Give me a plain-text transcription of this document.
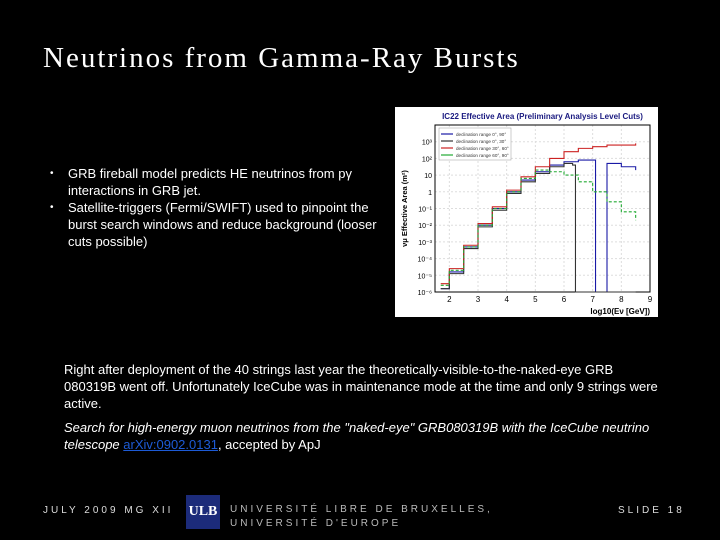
Neutrinos from Gamma-Ray Bursts
• GRB fireball model predicts HE neutrinos from pγ interactions in GRB jet.
• Satellite-triggers (Fermi/SWIFT) used to pinpoint the burst search windows and reduce background (looser cuts possible)
IC22 Effective Area (Preliminary Analysis Level Cuts)
10⁻⁶
10⁻⁵
10⁻⁴
10⁻³
10⁻²
10⁻¹
1
10
10²
10³
2	3	4	5	6	7	8	9
log10(Eν [GeV])
νμ Effective Area (m²)
declination range 0°, 90°
declination range 0°, 30°
declination range 30°, 60°
declination range 60°, 90°
Right after deployment of the 40 strings last year the theoretically-visible-to-the-naked-eye GRB 080319B went off. Unfortunately IceCube was in maintenance mode at the time and only 9 strings were active.
Search for high-energy muon neutrinos from the "naked-eye" GRB080319B with the IceCube neutrino telescope arXiv:0902.0131, accepted by ApJ
JULY 2009 MG XII ULB UNIVERSITÉ LIBRE DE BRUXELLES, UNIVERSITÉ D'EUROPE
SLIDE 18
